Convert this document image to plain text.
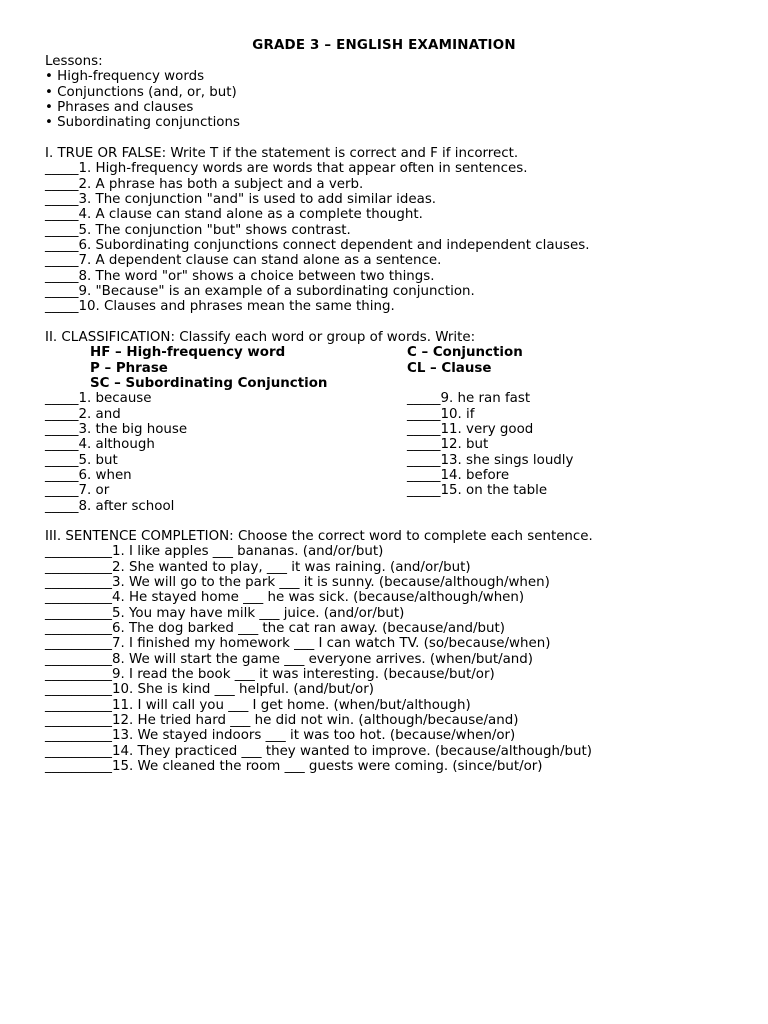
GRADE 3 – ENGLISH EXAMINATION
Lessons:
• High-frequency words
• Conjunctions (and, or, but)
• Phrases and clauses
• Subordinating conjunctions
I. TRUE OR FALSE: Write T if the statement is correct and F if incorrect.
_____1. High-frequency words are words that appear often in sentences.
_____2. A phrase has both a subject and a verb.
_____3. The conjunction "and" is used to add similar ideas.
_____4. A clause can stand alone as a complete thought.
_____5. The conjunction "but" shows contrast.
_____6. Subordinating conjunctions connect dependent and independent clauses.
_____7. A dependent clause can stand alone as a sentence.
_____8. The word "or" shows a choice between two things.
_____9. "Because" is an example of a subordinating conjunction.
_____10. Clauses and phrases mean the same thing.
II. CLASSIFICATION: Classify each word or group of words. Write:
HF – High-frequency word	C – Conjunction
P – Phrase	CL – Clause
SC – Subordinating Conjunction
_____1. because
_____2. and
_____3. the big house
_____4. although
_____5. but
_____6. when
_____7. or
_____8. after school
_____9. he ran fast
_____10. if
_____11. very good
_____12. but
_____13. she sings loudly
_____14. before
_____15. on the table
III. SENTENCE COMPLETION: Choose the correct word to complete each sentence.
__________1. I like apples ___ bananas. (and/or/but)
__________2. She wanted to play, ___ it was raining. (and/or/but)
__________3. We will go to the park ___ it is sunny. (because/although/when)
__________4. He stayed home ___ he was sick. (because/although/when)
__________5. You may have milk ___ juice. (and/or/but)
__________6. The dog barked ___ the cat ran away. (because/and/but)
__________7. I finished my homework ___ I can watch TV. (so/because/when)
__________8. We will start the game ___ everyone arrives. (when/but/and)
__________9. I read the book ___ it was interesting. (because/but/or)
__________10. She is kind ___ helpful. (and/but/or)
__________11. I will call you ___ I get home. (when/but/although)
__________12. He tried hard ___ he did not win. (although/because/and)
__________13. We stayed indoors ___ it was too hot. (because/when/or)
__________14. They practiced ___ they wanted to improve. (because/although/but)
__________15. We cleaned the room ___ guests were coming. (since/but/or)
